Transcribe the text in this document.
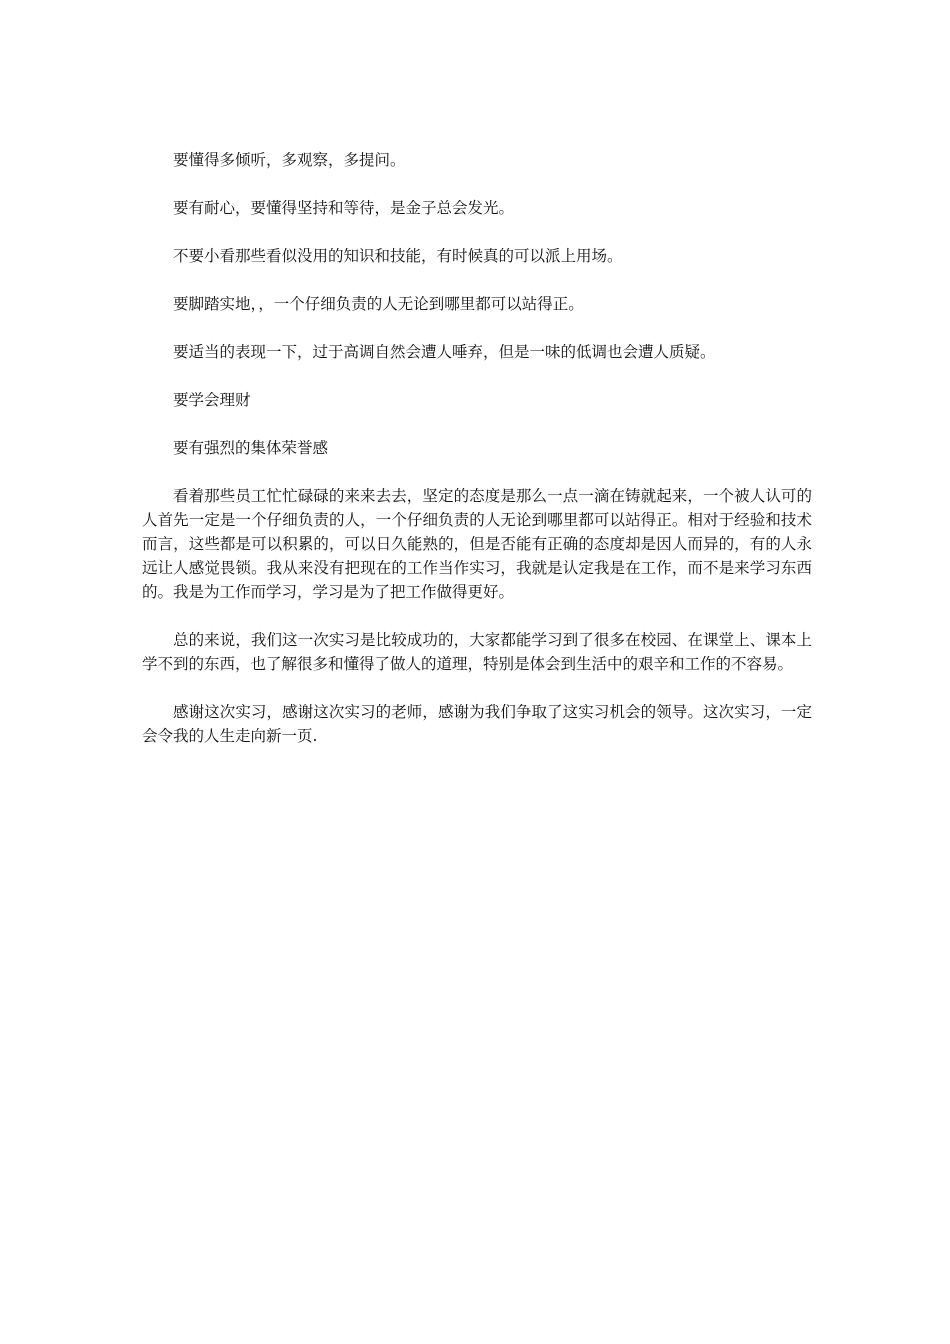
要懂得多倾听，多观察，多提问。

要有耐心，要懂得坚持和等待，是金子总会发光。

不要小看那些看似没用的知识和技能，有时候真的可以派上用场。

要脚踏实地，，一个仔细负责的人无论到哪里都可以站得正。

要适当的表现一下，过于高调自然会遭人唾弃，但是一味的低调也会遭人质疑。

要学会理财

要有强烈的集体荣誉感

看着那些员工忙忙碌碌的来来去去，坚定的态度是那么一点一滴在铸就起来，一个被人认可的人首先一定是一个仔细负责的人，一个仔细负责的人无论到哪里都可以站得正。相对于经验和技术而言，这些都是可以积累的，可以日久能熟的，但是否能有正确的态度却是因人而异的，有的人永远让人感觉畏锁。我从来没有把现在的工作当作实习，我就是认定我是在工作，而不是来学习东西的。我是为工作而学习，学习是为了把工作做得更好。

总的来说，我们这一次实习是比较成功的，大家都能学习到了很多在校园、在课堂上、课本上学不到的东西，也了解很多和懂得了做人的道理，特别是体会到生活中的艰辛和工作的不容易。

感谢这次实习，感谢这次实习的老师，感谢为我们争取了这实习机会的领导。这次实习，一定会令我的人生走向新一页.
